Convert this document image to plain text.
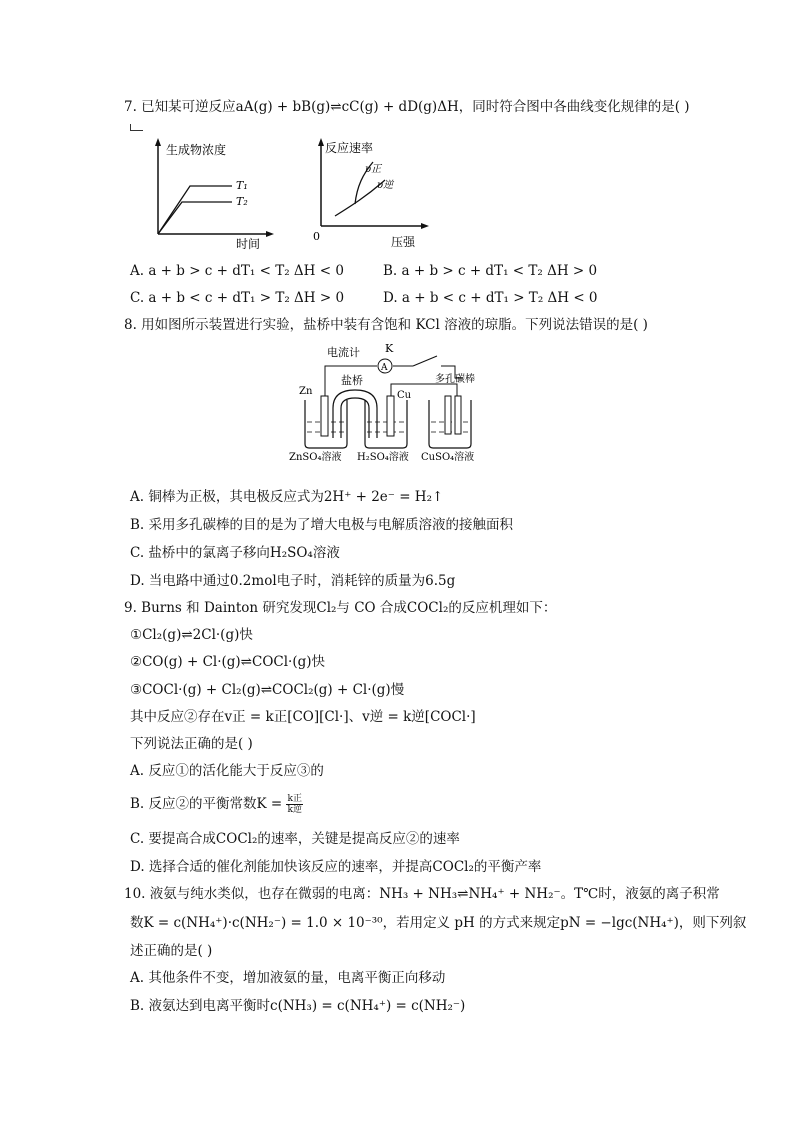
7. 已知某可逆反应aA(g) + bB(g)⇌cC(g) + dD(g)ΔH，同时符合图中各曲线变化规律的是( )
生成物浓度
T₁
T₂
时间
反应速率
υ正
υ逆
0	压强
A. a + b > c + dT₁ < T₂ ΔH < 0	B. a + b > c + dT₁ < T₂ ΔH > 0
C. a + b < c + dT₁ > T₂ ΔH > 0	D. a + b < c + dT₁ > T₂ ΔH < 0
8. 用如图所示装置进行实验，盐桥中装有含饱和 KCl 溶液的琼脂。下列说法错误的是( )
A
电流计 K
盐桥
Zn	Cu
多孔碳棒
ZnSO₄溶液 H₂SO₄溶液 CuSO₄溶液
A. 铜棒为正极，其电极反应式为2H⁺ + 2e⁻ = H₂↑
B. 采用多孔碳棒的目的是为了增大电极与电解质溶液的接触面积
C. 盐桥中的氯离子移向H₂SO₄溶液
D. 当电路中通过0.2mol电子时，消耗锌的质量为6.5g
9. Burns 和 Dainton 研究发现Cl₂与 CO 合成COCl₂的反应机理如下：
①Cl₂(g)⇌2Cl·(g)快
②CO(g) + Cl·(g)⇌COCl·(g)快
③COCl·(g) + Cl₂(g)⇌COCl₂(g) + Cl·(g)慢
其中反应②存在v正 = k正[CO][Cl·]、v逆 = k逆[COCl·]
下列说法正确的是( )
A. 反应①的活化能大于反应③的
B. 反应②的平衡常数$K = \frac{\text{k正}}{\text{k逆}}$
C. 要提高合成COCl₂的速率，关键是提高反应②的速率
D. 选择合适的催化剂能加快该反应的速率，并提高COCl₂的平衡产率
10. 液氨与纯水类似，也存在微弱的电离：NH₃ + NH₃⇌NH₄⁺ + NH₂⁻。T℃时，液氨的离子积常
数K = c(NH₄⁺)·c(NH₂⁻) = 1.0 × 10⁻³⁰，若用定义 pH 的方式来规定pN = −lgc(NH₄⁺)，则下列叙
述正确的是( )
A. 其他条件不变，增加液氨的量，电离平衡正向移动
B. 液氨达到电离平衡时c(NH₃) = c(NH₄⁺) = c(NH₂⁻)
